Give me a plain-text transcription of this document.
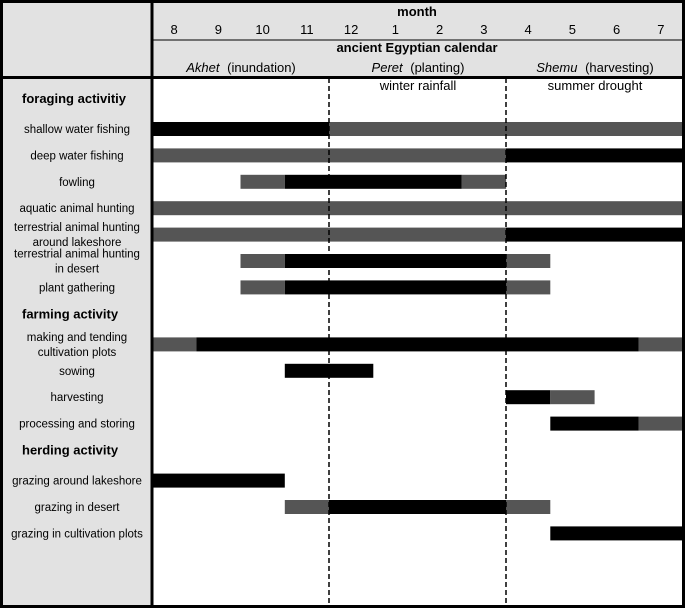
month
8	9	10 11 12	1	2	3	4	5	6	7
ancient Egyptian calendar
Akhet (inundation)	Peret (planting)	Shemu (harvesting)
winter rainfall	summer drought
foraging activitiy
shallow water fishing
deep water fishing
fowling
aquatic animal hunting
terrestrial animal hunting
around lakeshore
terrestrial animal hunting
in desert
plant gathering
farming activity
making and tending
cultivation plots
sowing
harvesting
processing and storing
herding activity
grazing around lakeshore
grazing in desert
grazing in cultivation plots
